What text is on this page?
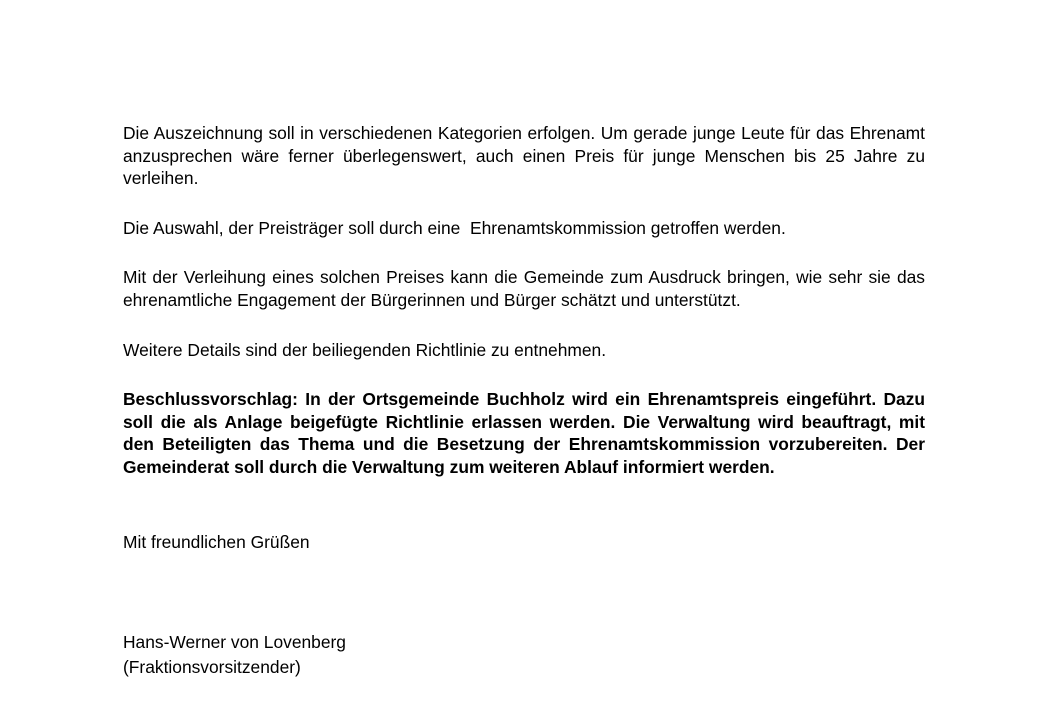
Die Auszeichnung soll in verschiedenen Kategorien erfolgen. Um gerade junge Leute für das Ehrenamt anzusprechen wäre ferner überlegenswert, auch einen Preis für junge Menschen bis 25 Jahre zu verleihen.

Die Auswahl, der Preisträger soll durch eine  Ehrenamtskommission getroffen werden.

Mit der Verleihung eines solchen Preises kann die Gemeinde zum Ausdruck bringen, wie sehr sie das ehrenamtliche Engagement der Bürgerinnen und Bürger schätzt und unterstützt.

Weitere Details sind der beiliegenden Richtlinie zu entnehmen.

Beschlussvorschlag: In der Ortsgemeinde Buchholz wird ein Ehrenamtspreis eingeführt. Dazu soll die als Anlage beigefügte Richtlinie erlassen werden. Die Verwaltung wird beauftragt, mit den Beteiligten das Thema und die Besetzung der Ehrenamtskommission vorzubereiten. Der Gemeinderat soll durch die Verwaltung zum weiteren Ablauf informiert werden.

Mit freundlichen Grüßen

Hans-Werner von Lovenberg
(Fraktionsvorsitzender)
